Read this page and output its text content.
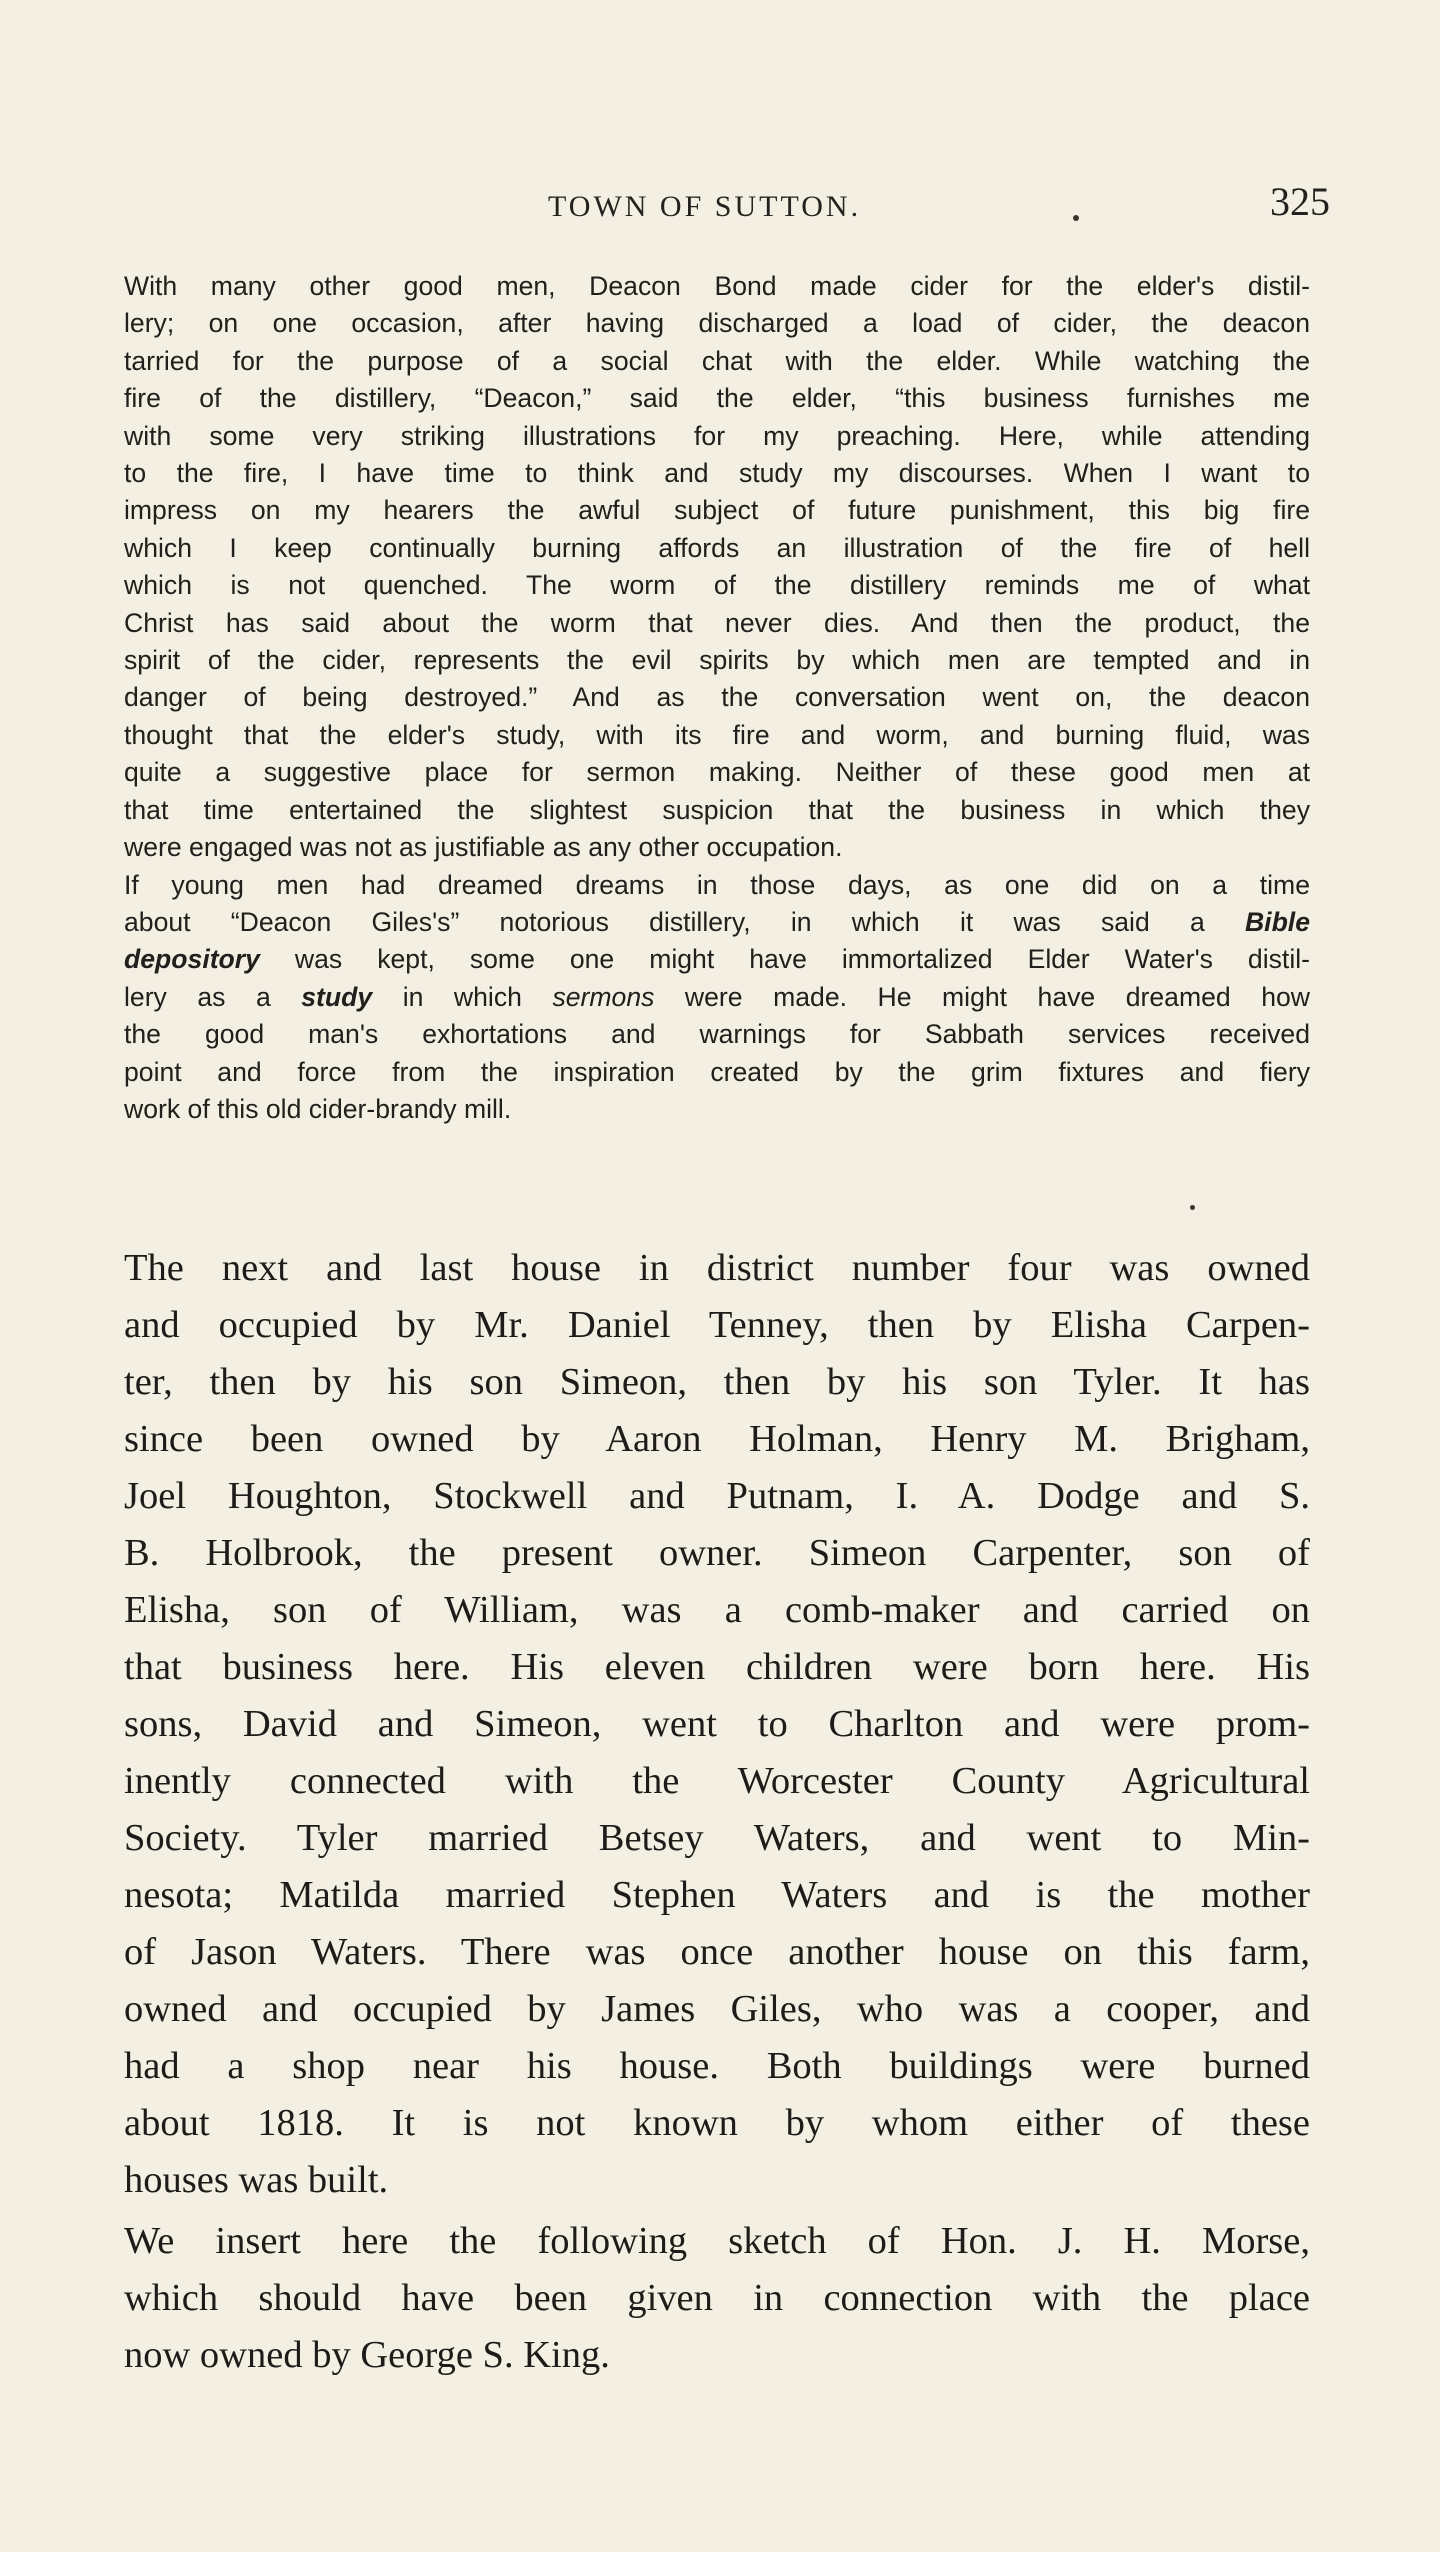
TOWN OF SUTTON.	325

With many other good men, Deacon Bond made cider for the elder's distil-
lery; on one occasion, after having discharged a load of cider, the deacon
tarried for the purpose of a social chat with the elder. While watching the
fire of the distillery, “Deacon,” said the elder, “this business furnishes me
with some very striking illustrations for my preaching. Here, while attending
to the fire, I have time to think and study my discourses. When I want to
impress on my hearers the awful subject of future punishment, this big fire
which I keep continually burning affords an illustration of the fire of hell
which is not quenched. The worm of the distillery reminds me of what
Christ has said about the worm that never dies. And then the product, the
spirit of the cider, represents the evil spirits by which men are tempted and in
danger of being destroyed.” And as the conversation went on, the deacon
thought that the elder's study, with its fire and worm, and burning fluid, was
quite a suggestive place for sermon making. Neither of these good men at
that time entertained the slightest suspicion that the business in which they
were engaged was not as justifiable as any other occupation.

If young men had dreamed dreams in those days, as one did on a time
about “Deacon Giles's” notorious distillery, in which it was said a Bible
depository was kept, some one might have immortalized Elder Water's distil-
lery as a study in which sermons were made. He might have dreamed how
the good man's exhortations and warnings for Sabbath services received
point and force from the inspiration created by the grim fixtures and fiery
work of this old cider-brandy mill.

The next and last house in district number four was owned
and occupied by Mr. Daniel Tenney, then by Elisha Carpen-
ter, then by his son Simeon, then by his son Tyler. It has
since been owned by Aaron Holman, Henry M. Brigham,
Joel Houghton, Stockwell and Putnam, I. A. Dodge and S.
B. Holbrook, the present owner. Simeon Carpenter, son of
Elisha, son of William, was a comb-maker and carried on
that business here. His eleven children were born here. His
sons, David and Simeon, went to Charlton and were prom-
inently connected with the Worcester County Agricultural
Society. Tyler married Betsey Waters, and went to Min-
nesota; Matilda married Stephen Waters and is the mother
of Jason Waters. There was once another house on this farm,
owned and occupied by James Giles, who was a cooper, and
had a shop near his house. Both buildings were burned
about 1818. It is not known by whom either of these
houses was built.

We insert here the following sketch of Hon. J. H. Morse,
which should have been given in connection with the place
now owned by George S. King.
